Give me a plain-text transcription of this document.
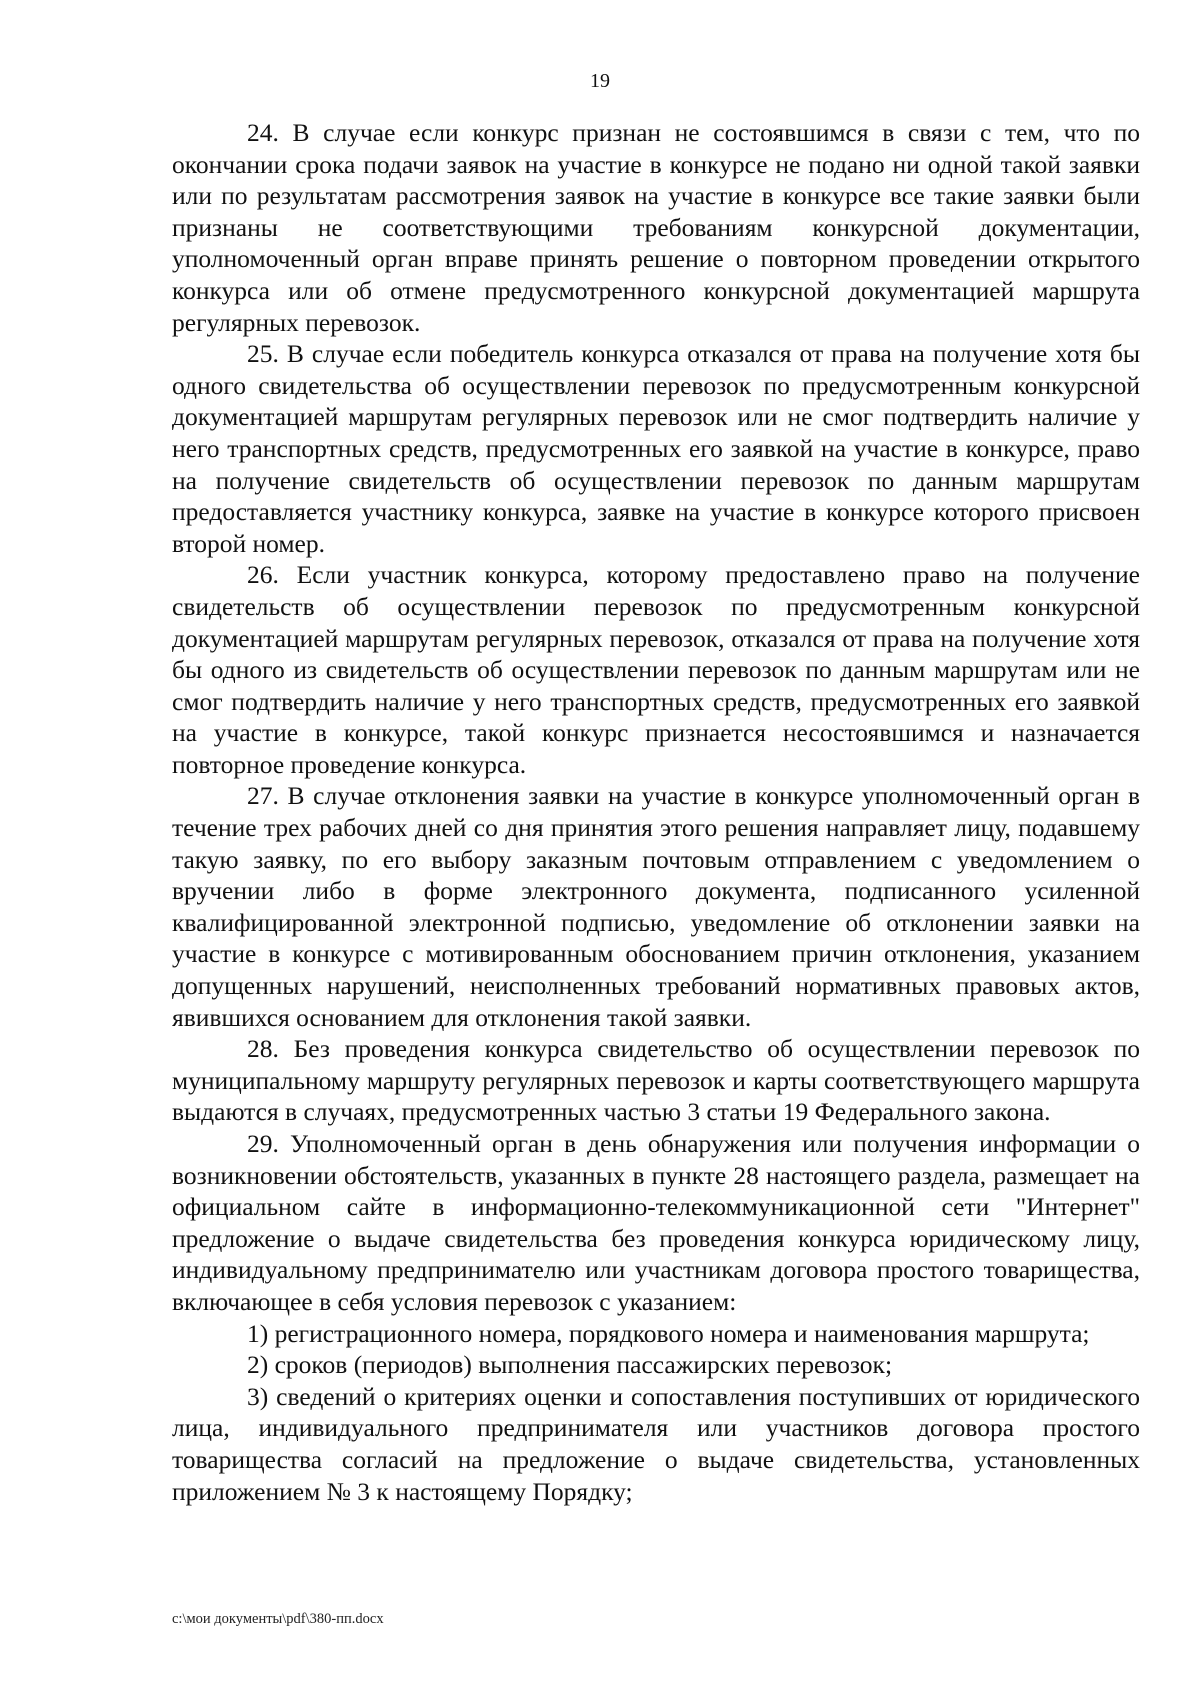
19

24. В случае если конкурс признан не состоявшимся в связи с тем, что по окончании срока подачи заявок на участие в конкурсе не подано ни одной такой заявки или по результатам рассмотрения заявок на участие в конкурсе все такие заявки были признаны не соответствующими требованиям конкурсной документации, уполномоченный орган вправе принять решение о повторном проведении открытого конкурса или об отмене предусмотренного конкурсной документацией маршрута регулярных перевозок.

25. В случае если победитель конкурса отказался от права на получение хотя бы одного свидетельства об осуществлении перевозок по предусмотренным конкурсной документацией маршрутам регулярных перевозок или не смог подтвердить наличие у него транспортных средств, предусмотренных его заявкой на участие в конкурсе, право на получение свидетельств об осуществлении перевозок по данным маршрутам предоставляется участнику конкурса, заявке на участие в конкурсе которого присвоен второй номер.

26. Если участник конкурса, которому предоставлено право на получение свидетельств об осуществлении перевозок по предусмотренным конкурсной документацией маршрутам регулярных перевозок, отказался от права на получение хотя бы одного из свидетельств об осуществлении перевозок по данным маршрутам или не смог подтвердить наличие у него транспортных средств, предусмотренных его заявкой на участие в конкурсе, такой конкурс признается несостоявшимся и назначается повторное проведение конкурса.

27. В случае отклонения заявки на участие в конкурсе уполномоченный орган в течение трех рабочих дней со дня принятия этого решения направляет лицу, подавшему такую заявку, по его выбору заказным почтовым отправлением с уведомлением о вручении либо в форме электронного документа, подписанного усиленной квалифицированной электронной подписью, уведомление об отклонении заявки на участие в конкурсе с мотивированным обоснованием причин отклонения, указанием допущенных нарушений, неисполненных требований нормативных правовых актов, явившихся основанием для отклонения такой заявки.

28. Без проведения конкурса свидетельство об осуществлении перевозок по муниципальному маршруту регулярных перевозок и карты соответствующего маршрута выдаются в случаях, предусмотренных частью 3 статьи 19 Федерального закона.

29. Уполномоченный орган в день обнаружения или получения информации о возникновении обстоятельств, указанных в пункте 28 настоящего раздела, размещает на официальном сайте в информационно-телекоммуникационной сети "Интернет" предложение о выдаче свидетельства без проведения конкурса юридическому лицу, индивидуальному предпринимателю или участникам договора простого товарищества, включающее в себя условия перевозок с указанием:

1) регистрационного номера, порядкового номера и наименования маршрута;

2) сроков (периодов) выполнения пассажирских перевозок;

3) сведений о критериях оценки и сопоставления поступивших от юридического лица, индивидуального предпринимателя или участников договора простого товарищества согласий на предложение о выдаче свидетельства, установленных приложением № 3 к настоящему Порядку;

c:\мои документы\pdf\380-пп.docx
